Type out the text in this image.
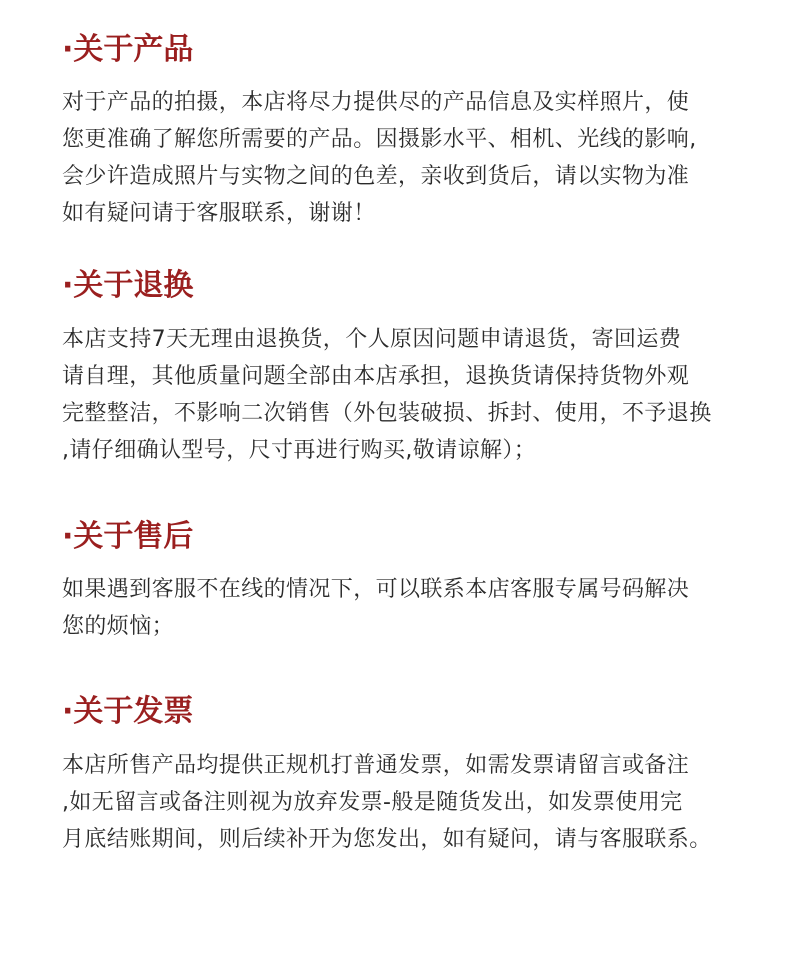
·关于产品
对于产品的拍摄，本店将尽力提供尽的产品信息及实样照片，使
您更准确了解您所需要的产品。因摄影水平、相机、光线的影响,
会少许造成照片与实物之间的色差，亲收到货后，请以实物为准
如有疑问请于客服联系，谢谢！
·关于退换
本店支持7天无理由退换货，个人原因问题申请退货，寄回运费
请自理，其他质量问题全部由本店承担，退换货请保持货物外观
完整整洁，不影响二次销售（外包装破损、拆封、使用，不予退换
,请仔细确认型号，尺寸再进行购买,敬请谅解）；
·关于售后
如果遇到客服不在线的情况下，可以联系本店客服专属号码解决
您的烦恼；
·关于发票
本店所售产品均提供正规机打普通发票，如需发票请留言或备注
,如无留言或备注则视为放弃发票-般是随货发出，如发票使用完
月底结账期间，则后续补开为您发出，如有疑问，请与客服联系。
